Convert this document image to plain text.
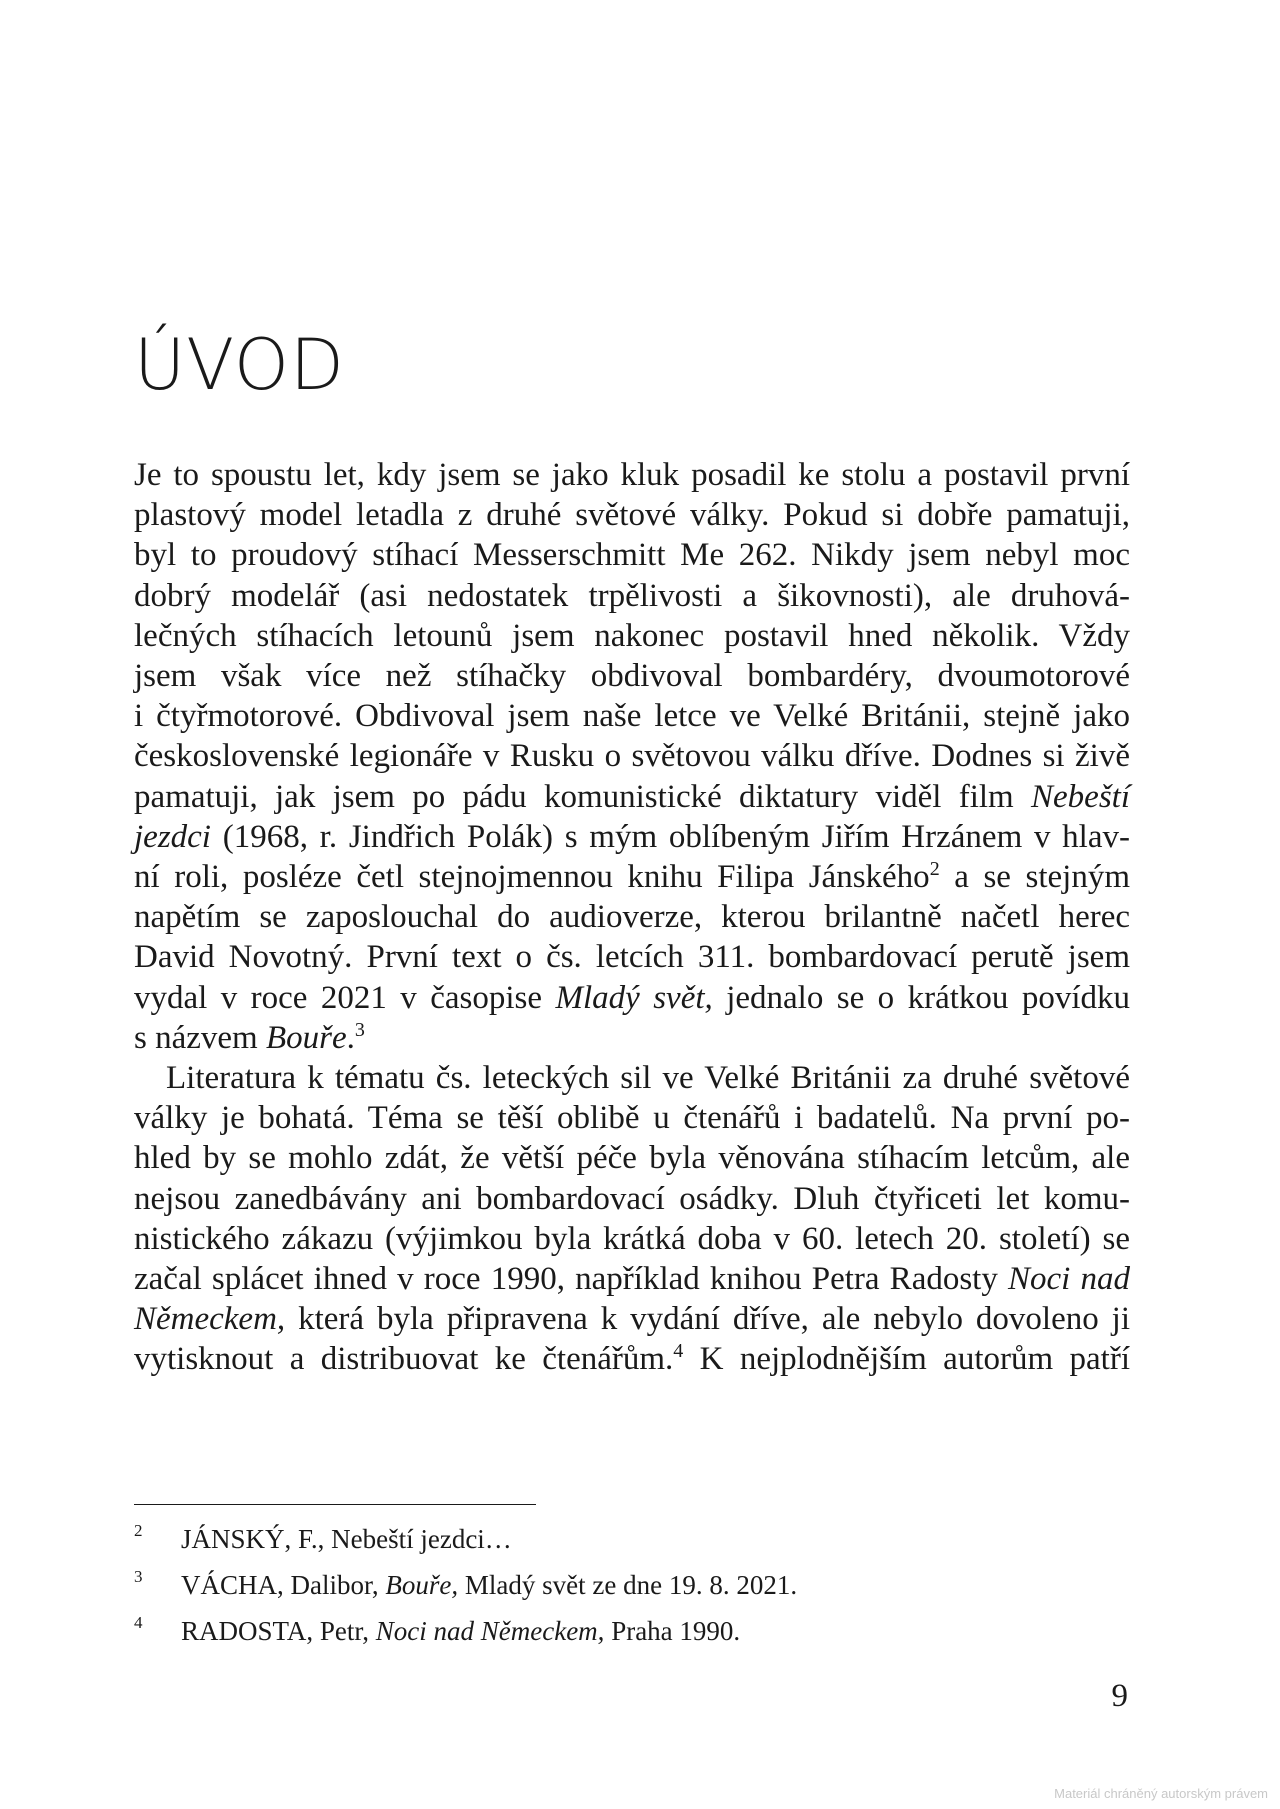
ÚVOD
Je to spoustu let, kdy jsem se jako kluk posadil ke stolu a postavil první
plastový model letadla z druhé světové války. Pokud si dobře pamatuji,
byl to proudový stíhací Messerschmitt Me 262. Nikdy jsem nebyl moc
dobrý modelář (asi nedostatek trpělivosti a šikovnosti), ale druhová-
lečných stíhacích letounů jsem nakonec postavil hned několik. Vždy
jsem však více než stíhačky obdivoval bombardéry, dvoumotorové
i čtyřmotorové. Obdivoval jsem naše letce ve Velké Británii, stejně jako
československé legionáře v Rusku o světovou válku dříve. Dodnes si živě
pamatuji, jak jsem po pádu komunistické diktatury viděl film Nebeští
jezdci (1968, r. Jindřich Polák) s mým oblíbeným Jiřím Hrzánem v hlav-
ní roli, posléze četl stejnojmennou knihu Filipa Jánského$^2$ a se stejným
napětím se zaposlouchal do audioverze, kterou brilantně načetl herec
David Novotný. První text o čs. letcích 311. bombardovací perutě jsem
vydal v roce 2021 v časopise Mladý svět, jednalo se o krátkou povídku
s názvem Bouře.$^3$
Literatura k tématu čs. leteckých sil ve Velké Británii za druhé světové
války je bohatá. Téma se těší oblibě u čtenářů i badatelů. Na první po-
hled by se mohlo zdát, že větší péče byla věnována stíhacím letcům, ale
nejsou zanedbávány ani bombardovací osádky. Dluh čtyřiceti let komu-
nistického zákazu (výjimkou byla krátká doba v 60. letech 20. století) se
začal splácet ihned v roce 1990, například knihou Petra Radosty Noci nad
Německem, která byla připravena k vydání dříve, ale nebylo dovoleno ji
vytisknout a distribuovat ke čtenářům.$^4$ K nejplodnějším autorům patří
2 JÁNSKÝ, F., Nebeští jezdci…
3 VÁCHA, Dalibor, Bouře, Mladý svět ze dne 19. 8. 2021.
4 RADOSTA, Petr, Noci nad Německem, Praha 1990.
9
Materiál chráněný autorským právem
